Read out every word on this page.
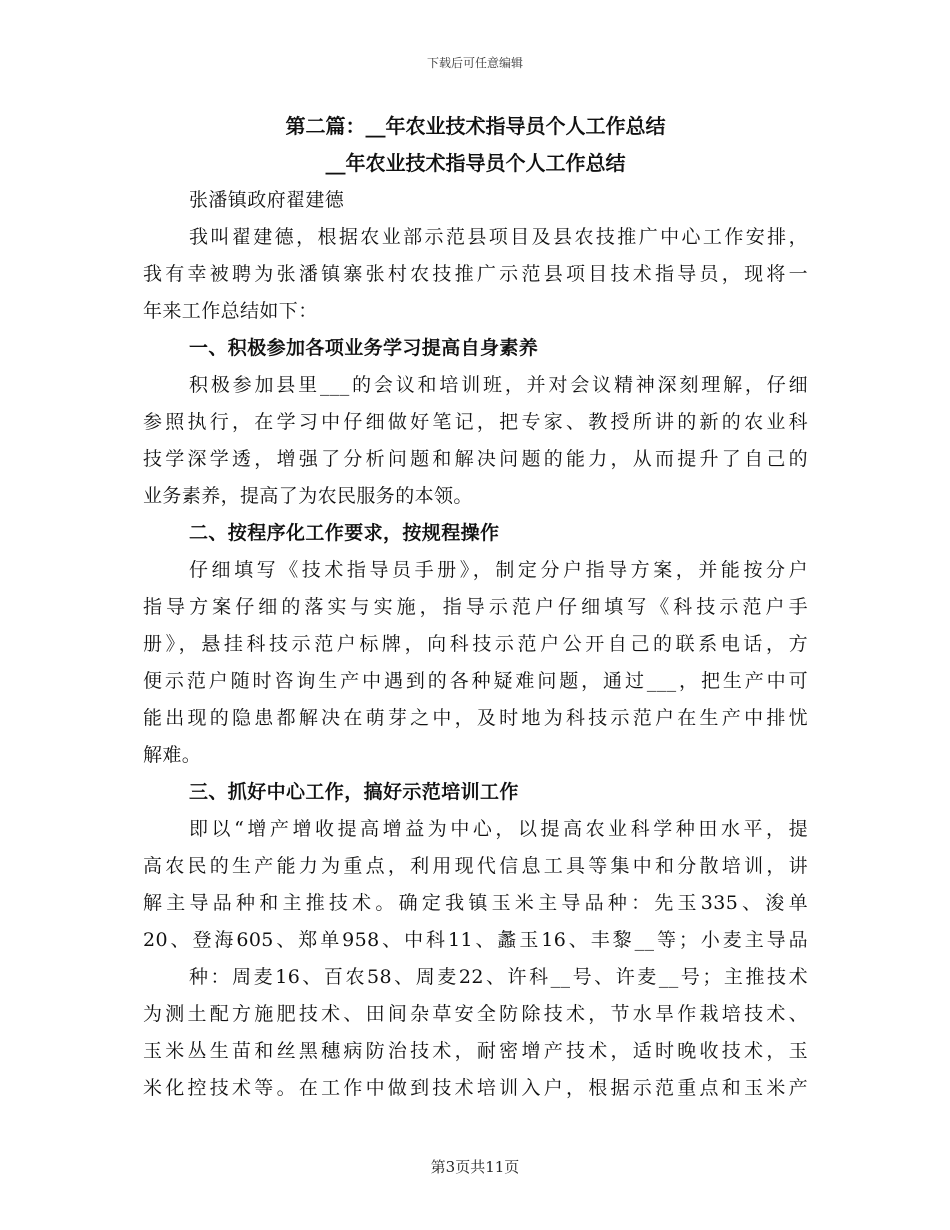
下载后可任意编辑
第二篇：__年农业技术指导员个人工作总结
__年农业技术指导员个人工作总结
张潘镇政府翟建德
我叫翟建德，根据农业部示范县项目及县农技推广中心工作安排，
我有幸被聘为张潘镇寨张村农技推广示范县项目技术指导员，现将一
年来工作总结如下：
一、积极参加各项业务学习提高自身素养
积极参加县里___的会议和培训班，并对会议精神深刻理解，仔细
参照执行，在学习中仔细做好笔记，把专家、教授所讲的新的农业科
技学深学透，增强了分析问题和解决问题的能力，从而提升了自己的
业务素养，提高了为农民服务的本领。
二、按程序化工作要求，按规程操作
仔细填写《技术指导员手册》，制定分户指导方案，并能按分户
指导方案仔细的落实与实施，指导示范户仔细填写《科技示范户手
册》，悬挂科技示范户标牌，向科技示范户公开自己的联系电话，方
便示范户随时咨询生产中遇到的各种疑难问题，通过___，把生产中可
能出现的隐患都解决在萌芽之中，及时地为科技示范户在生产中排忧
解难。
三、抓好中心工作，搞好示范培训工作
即以“增产增收提高增益为中心，以提高农业科学种田水平，提
高农民的生产能力为重点，利用现代信息工具等集中和分散培训，讲
解主导品种和主推技术。确定我镇玉米主导品种：先玉335、浚单
20、登海605、郑单958、中科11、蠡玉16、丰黎__等；小麦主导品
种：周麦16、百农58、周麦22、许科__号、许麦__号；主推技术
为测土配方施肥技术、田间杂草安全防除技术，节水旱作栽培技术、
玉米丛生苗和丝黑穗病防治技术，耐密增产技术，适时晚收技术，玉
米化控技术等。在工作中做到技术培训入户，根据示范重点和玉米产
第3页共11页
